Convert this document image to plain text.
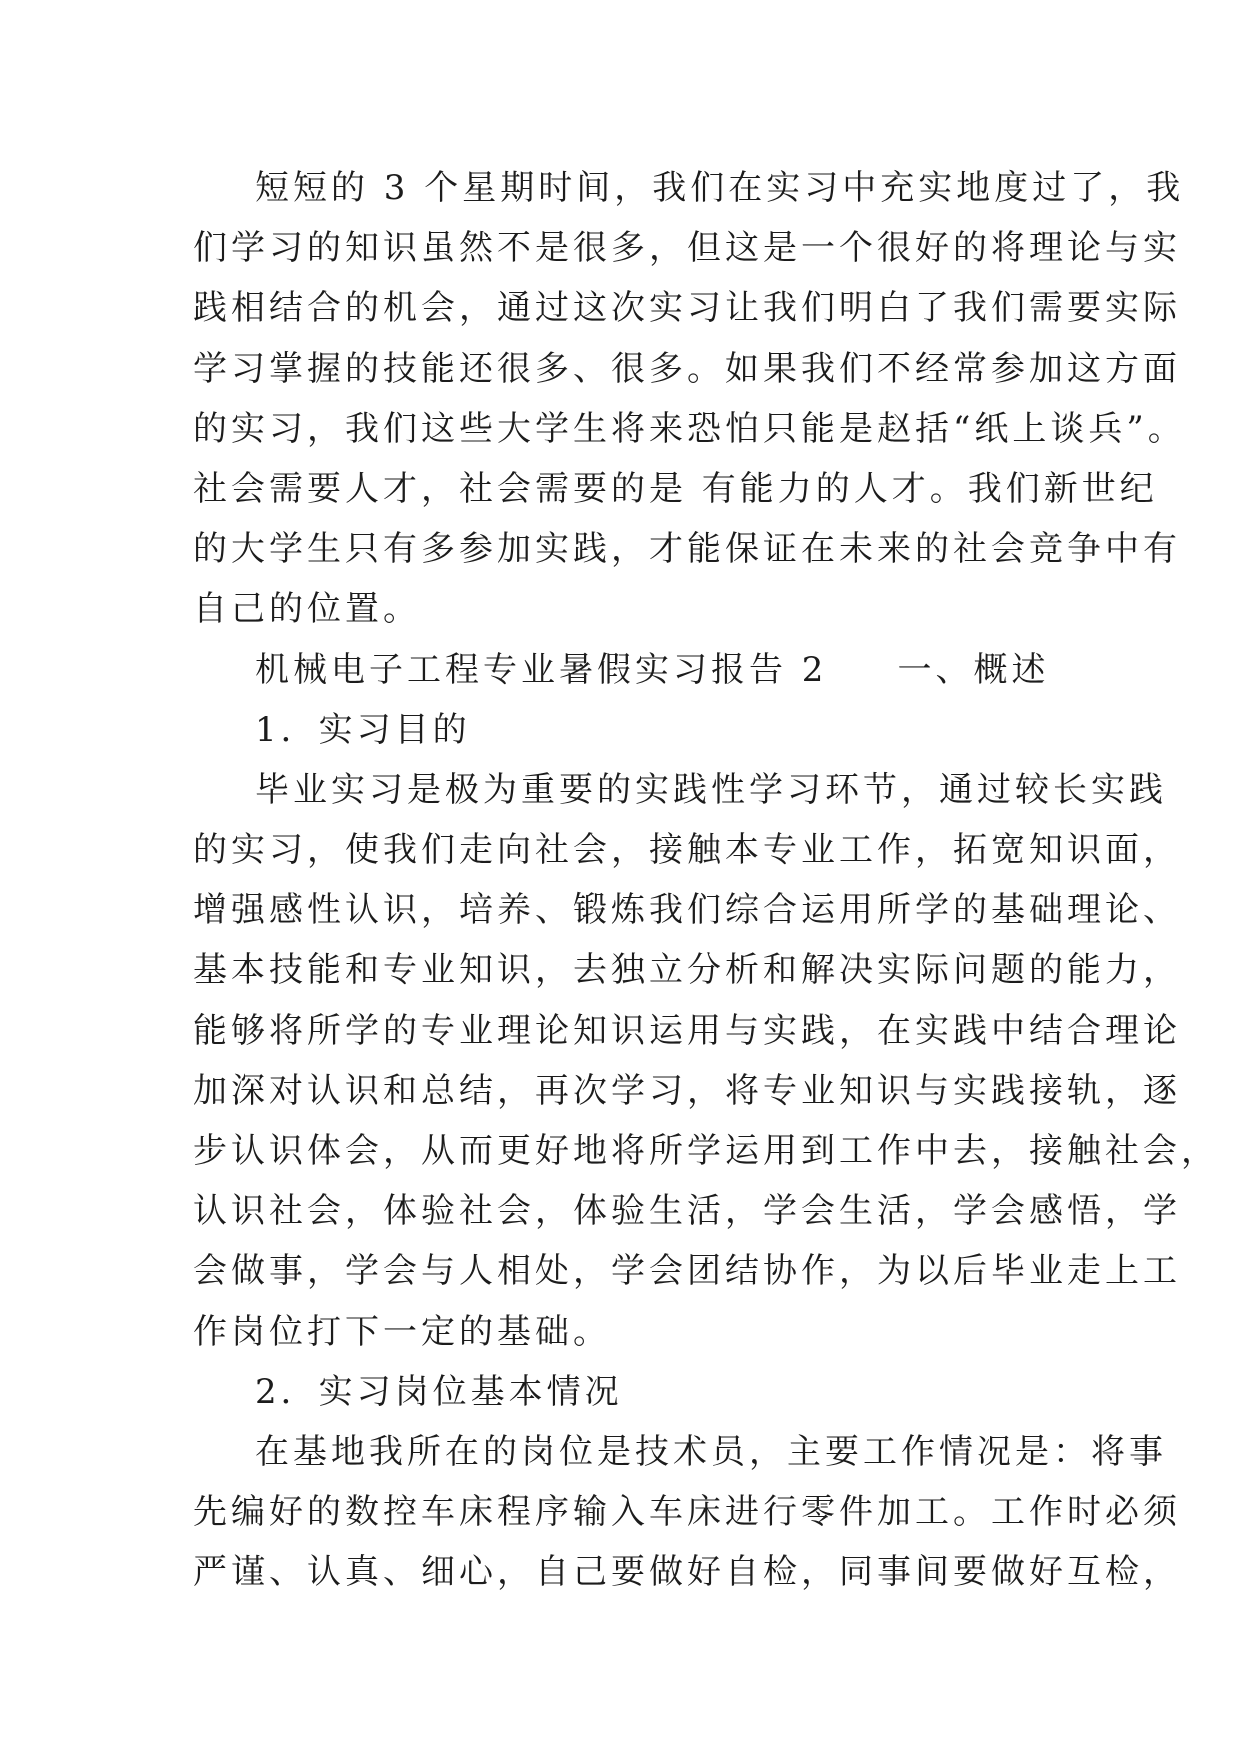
短短的 3 个星期时间，我们在实习中充实地度过了，我
们学习的知识虽然不是很多，但这是一个很好的将理论与实
践相结合的机会，通过这次实习让我们明白了我们需要实际
学习掌握的技能还很多、很多。如果我们不经常参加这方面
的实习，我们这些大学生将来恐怕只能是赵括“纸上谈兵”。
社会需要人才，社会需要的是 有能力的人才。我们新世纪
的大学生只有多参加实践，才能保证在未来的社会竞争中有
自己的位置。
机械电子工程专业暑假实习报告 2 一、概述
1．实习目的
毕业实习是极为重要的实践性学习环节，通过较长实践
的实习，使我们走向社会，接触本专业工作，拓宽知识面，
增强感性认识，培养、锻炼我们综合运用所学的基础理论、
基本技能和专业知识，去独立分析和解决实际问题的能力，
能够将所学的专业理论知识运用与实践，在实践中结合理论
加深对认识和总结，再次学习，将专业知识与实践接轨，逐
步认识体会，从而更好地将所学运用到工作中去，接触社会，
认识社会，体验社会，体验生活，学会生活，学会感悟，学
会做事，学会与人相处，学会团结协作，为以后毕业走上工
作岗位打下一定的基础。
2．实习岗位基本情况
在基地我所在的岗位是技术员，主要工作情况是：将事
先编好的数控车床程序输入车床进行零件加工。工作时必须
严谨、认真、细心，自己要做好自检，同事间要做好互检，
